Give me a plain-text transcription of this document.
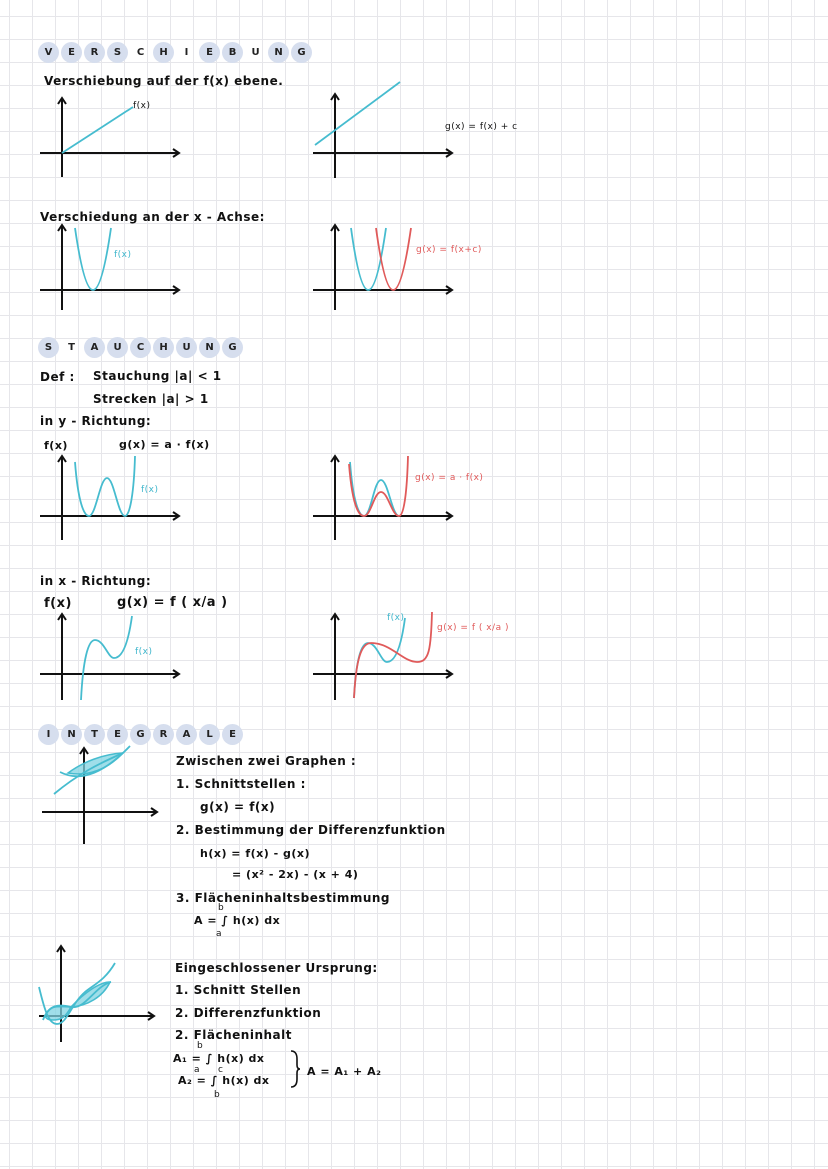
V	E	R	S	C	H	I	E	B	U	N	G
Verschiebung auf der f(x) ebene.
f(x)
g(x) = f(x) + c
Verschiedung an der x - Achse:
f(x)	g(x) = f(x+c)
S	T	A	U	C	H	U	N	G
Def : Stauchung |a| < 1
Strecken |a| > 1
in y - Richtung:
f(x)	g(x) = a · f(x)
f(x)
g(x) = a · f(x)
in x - Richtung:
f(x)	g(x) = f ( x/a )
f(x)
f(x)
g(x) = f ( x/a )
I	N	T	E	G	R	A	L	E
Zwischen zwei Graphen :
1. Schnittstellen :
g(x) = f(x)
2. Bestimmung der Differenzfunktion
h(x) = f(x) - g(x)
= (x² - 2x) - (x + 4)
3. Flächeninhaltsbestimmung
A = ∫ h(x) dx
b
a
Eingeschlossener Ursprung:
1. Schnitt Stellen
2. Differenzfunktion
2. Flächeninhalt
A₁ = ∫ h(x) dx
b
a
A₂ = ∫ h(x) dx
c
b
A = A₁ + A₂
